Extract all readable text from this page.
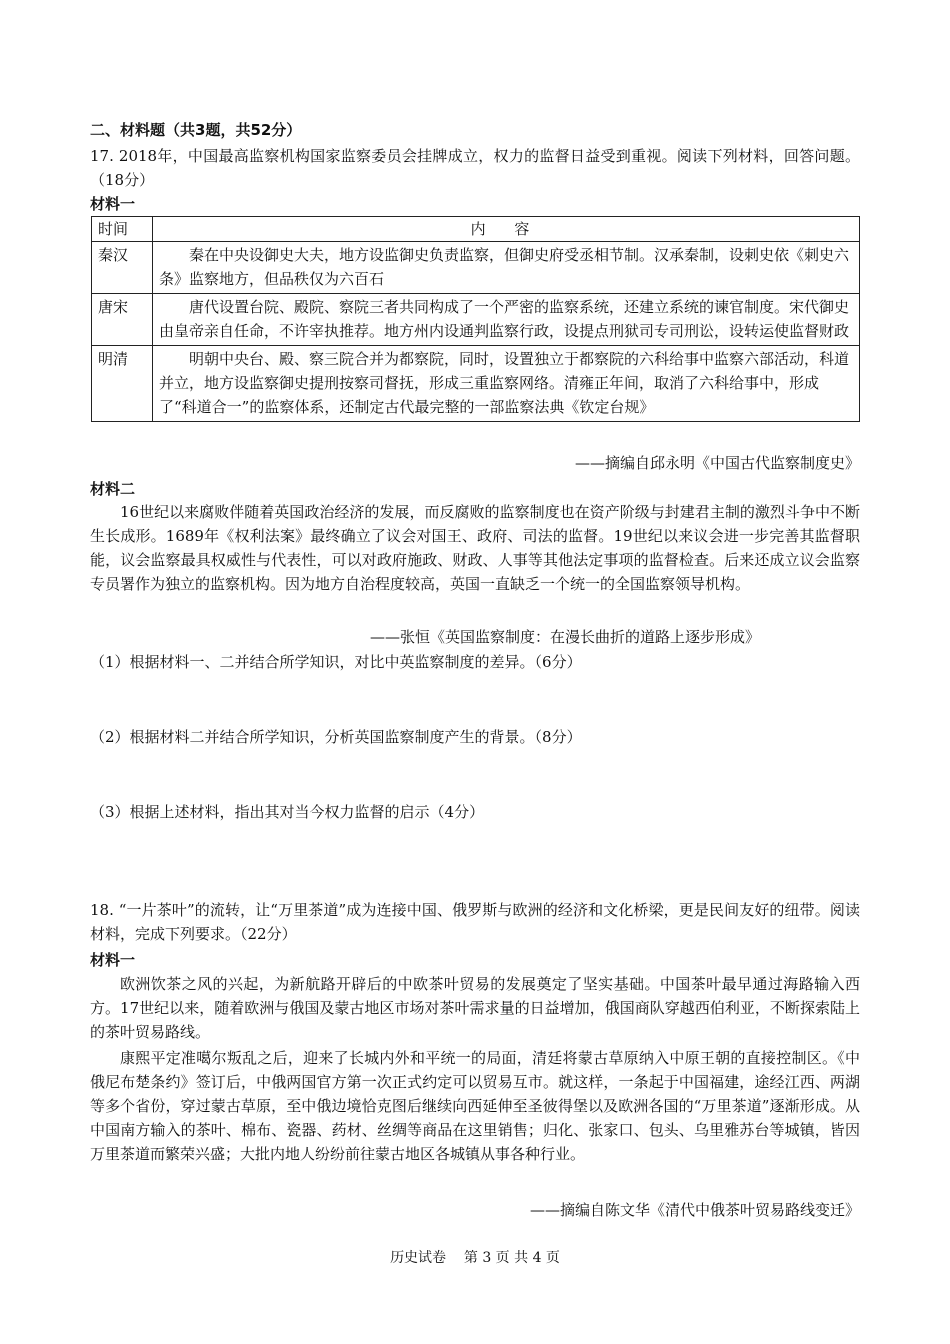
二、材料题（共3题，共52分）
17. 2018年，中国最高监察机构国家监察委员会挂牌成立，权力的监督日益受到重视。阅读下列材料，回答问题。（18分）
材料一
时间	内 容
秦汉	秦在中央设御史大夫，地方设监御史负责监察，但御史府受丞相节制。汉承秦制，设刺史依《刺史六条》监察地方，但品秩仅为六百石
唐宋	唐代设置台院、殿院、察院三者共同构成了一个严密的监察系统，还建立系统的谏官制度。宋代御史由皇帝亲自任命，不许宰执推荐。地方州内设通判监察行政，设提点刑狱司专司刑讼，设转运使监督财政
明清	明朝中央台、殿、察三院合并为都察院，同时，设置独立于都察院的六科给事中监察六部活动，科道并立，地方设监察御史提刑按察司督抚，形成三重监察网络。清雍正年间，取消了六科给事中，形成了“科道合一”的监察体系，还制定古代最完整的一部监察法典《钦定台规》
——摘编自邱永明《中国古代监察制度史》
材料二
16世纪以来腐败伴随着英国政治经济的发展，而反腐败的监察制度也在资产阶级与封建君主制的激烈斗争中不断生长成形。1689年《权利法案》最终确立了议会对国王、政府、司法的监督。19世纪以来议会进一步完善其监督职能，议会监察最具权威性与代表性，可以对政府施政、财政、人事等其他法定事项的监督检查。后来还成立议会监察专员署作为独立的监察机构。因为地方自治程度较高，英国一直缺乏一个统一的全国监察领导机构。
——张恒《英国监察制度：在漫长曲折的道路上逐步形成》
（1）根据材料一、二并结合所学知识，对比中英监察制度的差异。（6分）
（2）根据材料二并结合所学知识，分析英国监察制度产生的背景。（8分）
（3）根据上述材料，指出其对当今权力监督的启示（4分）
18. “一片茶叶”的流转，让“万里茶道”成为连接中国、俄罗斯与欧洲的经济和文化桥梁，更是民间友好的纽带。阅读材料，完成下列要求。（22分）
材料一
欧洲饮茶之风的兴起，为新航路开辟后的中欧茶叶贸易的发展奠定了坚实基础。中国茶叶最早通过海路输入西方。17世纪以来，随着欧洲与俄国及蒙古地区市场对茶叶需求量的日益增加，俄国商队穿越西伯利亚，不断探索陆上的茶叶贸易路线。
康熙平定准噶尔叛乱之后，迎来了长城内外和平统一的局面，清廷将蒙古草原纳入中原王朝的直接控制区。《中俄尼布楚条约》签订后，中俄两国官方第一次正式约定可以贸易互市。就这样，一条起于中国福建，途经江西、两湖等多个省份，穿过蒙古草原，至中俄边境恰克图后继续向西延伸至圣彼得堡以及欧洲各国的“万里茶道”逐渐形成。从中国南方输入的茶叶、棉布、瓷器、药材、丝绸等商品在这里销售；归化、张家口、包头、乌里雅苏台等城镇，皆因万里茶道而繁荣兴盛；大批内地人纷纷前往蒙古地区各城镇从事各种行业。
——摘编自陈文华《清代中俄茶叶贸易路线变迁》
历史试卷    第 3 页 共 4 页
